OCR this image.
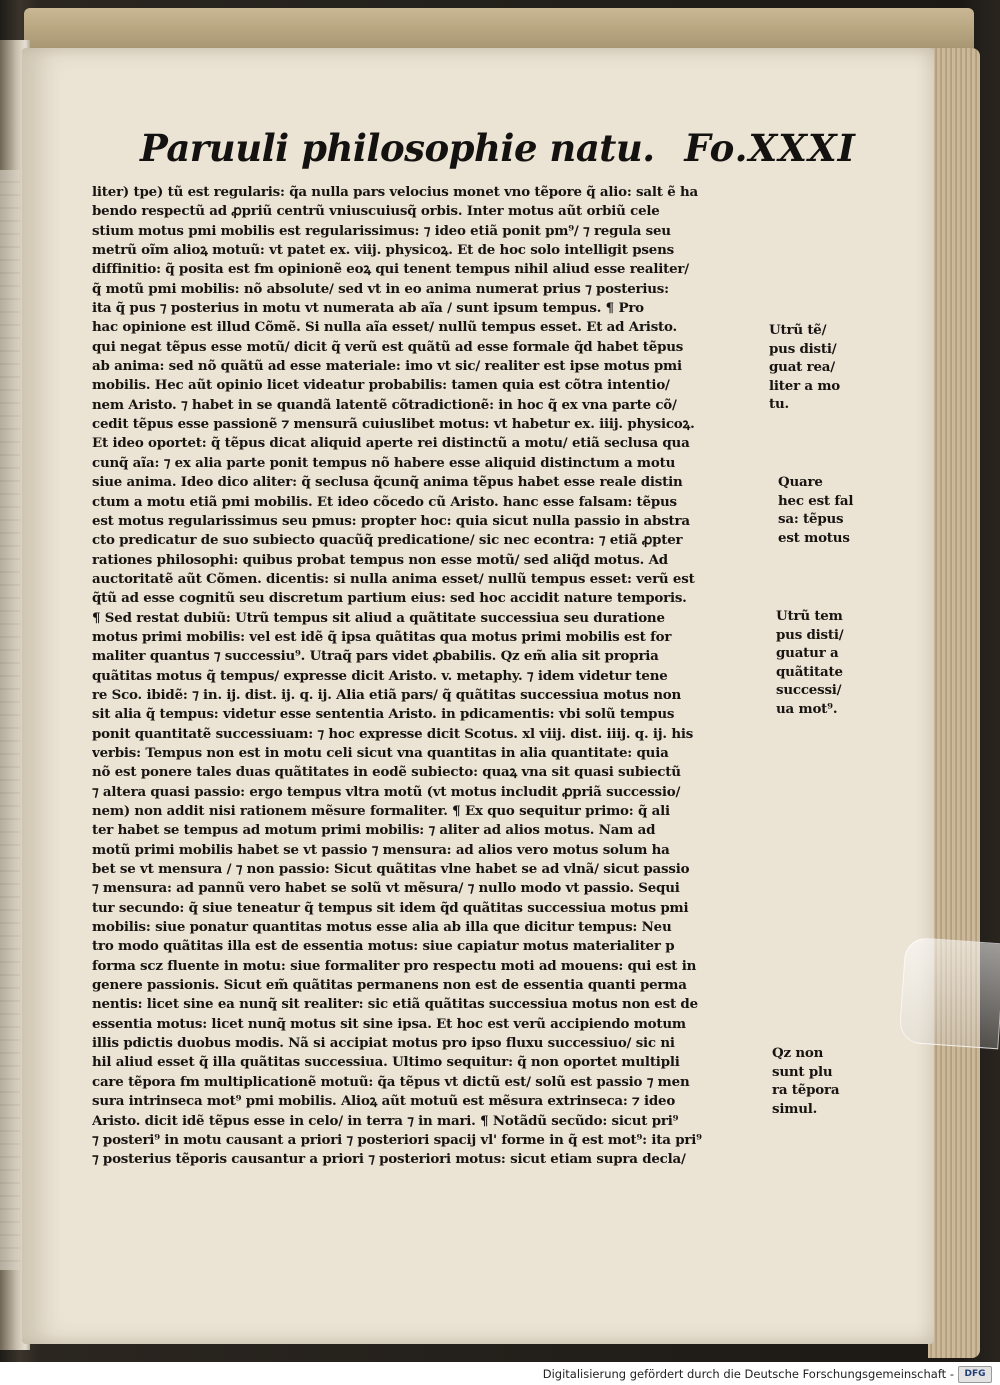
Paruuli philosophie natu. Fo.XXXI
liter) tpe) tũ est regularis: q̃a nulla pars velocius monet vno tẽpore q̃ alio: salt ẽ ha
bendo respectũ ad ꝓpriũ centrũ vniuscuiusq̃ orbis. Inter motus aũt orbiũ cele
stium motus pmi mobilis est regularissimus: ⁊ ideo etiã ponit pm⁹/ ⁊ regula seu
metrũ oĩm alioꝝ motuũ: vt patet ex. viij. physicoꝝ. Et de hoc solo intelligit psens
diffinitio: q̃ posita est fm opinionẽ eoꝝ qui tenent tempus nihil aliud esse realiter/
q̃ motũ pmi mobilis: nõ absolute/ sed vt in eo anima numerat prius ⁊ posterius:
ita q̃ pus ⁊ posterius in motu vt numerata ab aĩa / sunt ipsum tempus. ¶ Pro
hac opinione est illud Cõmẽ. Si nulla aĩa esset/ nullũ tempus esset. Et ad Aristo.
qui negat tẽpus esse motũ/ dicit q̃ verũ est quãtũ ad esse formale q̃d habet tẽpus
ab anima: sed nõ quãtũ ad esse materiale: imo vt sic/ realiter est ipse motus pmi
mobilis. Hec aũt opinio licet videatur probabilis: tamen quia est cõtra intentio/
nem Aristo. ⁊ habet in se quandã latentẽ cõtradictionẽ: in hoc q̃ ex vna parte cõ/
cedit tẽpus esse passionẽ ⁊ mensurã cuiuslibet motus: vt habetur ex. iiij. physicoꝝ.
Et ideo oportet: q̃ tẽpus dicat aliquid aperte rei distinctũ a motu/ etiã seclusa qua
cunq̃ aĩa: ⁊ ex alia parte ponit tempus nõ habere esse aliquid distinctum a motu
siue anima. Ideo dico aliter: q̃ seclusa q̃cunq̃ anima tẽpus habet esse reale distin
ctum a motu etiã pmi mobilis. Et ideo cõcedo cũ Aristo. hanc esse falsam: tẽpus
est motus regularissimus seu pmus: propter hoc: quia sicut nulla passio in abstra
cto predicatur de suo subiecto quacũq̃ predicatione/ sic nec econtra: ⁊ etiã ꝓpter
rationes philosophi: quibus probat tempus non esse motũ/ sed aliq̃d motus. Ad
auctoritatẽ aũt Cõmen. dicentis: si nulla anima esset/ nullũ tempus esset: verũ est
q̃tũ ad esse cognitũ seu discretum partium eius: sed hoc accidit nature temporis.
¶ Sed restat dubiũ: Utrũ tempus sit aliud a quãtitate successiua seu duratione
motus primi mobilis: vel est idẽ q̃ ipsa quãtitas qua motus primi mobilis est for
maliter quantus ⁊ successiu⁹. Utraq̃ pars videt ꝓbabilis. Qz em̃ alia sit propria
quãtitas motus q̃ tempus/ expresse dicit Aristo. v. metaphy. ⁊ idem videtur tene
re Sco. ibidẽ: ⁊ in. ij. dist. ij. q. ij. Alia etiã pars/ q̃ quãtitas successiua motus non
sit alia q̃ tempus: videtur esse sententia Aristo. in pdicamentis: vbi solũ tempus
ponit quantitatẽ successiuam: ⁊ hoc expresse dicit Scotus. xl viij. dist. iiij. q. ij. his
verbis: Tempus non est in motu celi sicut vna quantitas in alia quantitate: quia
nõ est ponere tales duas quãtitates in eodẽ subiecto: quaꝝ vna sit quasi subiectũ
⁊ altera quasi passio: ergo tempus vltra motũ (vt motus includit ꝓpriã successio/
nem) non addit nisi rationem mẽsure formaliter. ¶ Ex quo sequitur primo: q̃ ali
ter habet se tempus ad motum primi mobilis: ⁊ aliter ad alios motus. Nam ad
motũ primi mobilis habet se vt passio ⁊ mensura: ad alios vero motus solum ha
bet se vt mensura / ⁊ non passio: Sicut quãtitas vlne habet se ad vlnã/ sicut passio
⁊ mensura: ad pannũ vero habet se solũ vt mẽsura/ ⁊ nullo modo vt passio. Sequi
tur secundo: q̃ siue teneatur q̃ tempus sit idem q̃d quãtitas successiua motus pmi
mobilis: siue ponatur quantitas motus esse alia ab illa que dicitur tempus: Neu
tro modo quãtitas illa est de essentia motus: siue capiatur motus materialiter p
forma scz fluente in motu: siue formaliter pro respectu moti ad mouens: qui est in
genere passionis. Sicut em̃ quãtitas permanens non est de essentia quanti perma
nentis: licet sine ea nunq̃ sit realiter: sic etiã quãtitas successiua motus non est de
essentia motus: licet nunq̃ motus sit sine ipsa. Et hoc est verũ accipiendo motum
illis pdictis duobus modis. Nã si accipiat motus pro ipso fluxu successiuo/ sic ni
hil aliud esset q̃ illa quãtitas successiua. Ultimo sequitur: q̃ non oportet multipli
care tẽpora fm multiplicationẽ motuũ: q̃a tẽpus vt dictũ est/ solũ est passio ⁊ men
sura intrinseca mot⁹ pmi mobilis. Alioꝝ aũt motuũ est mẽsura extrinseca: ⁊ ideo
Aristo. dicit idẽ tẽpus esse in celo/ in terra ⁊ in mari. ¶ Notãdũ secũdo: sicut pri⁹
⁊ posteri⁹ in motu causant a priori ⁊ posteriori spacij vl' forme in q̃ est mot⁹: ita pri⁹
⁊ posterius tẽporis causantur a priori ⁊ posteriori motus: sicut etiam supra decla/
Utrũ tẽ/
pus disti/
guat rea/
liter a mo
tu.
Quare
hec est fal
sa: tẽpus
est motus
Utrũ tem
pus disti/
guatur a
quãtitate
successi/
ua mot⁹.
Qz non
sunt plu
ra tẽpora
simul.
Digitalisierung gefördert durch die Deutsche Forschungsgemeinschaft -	DFG
